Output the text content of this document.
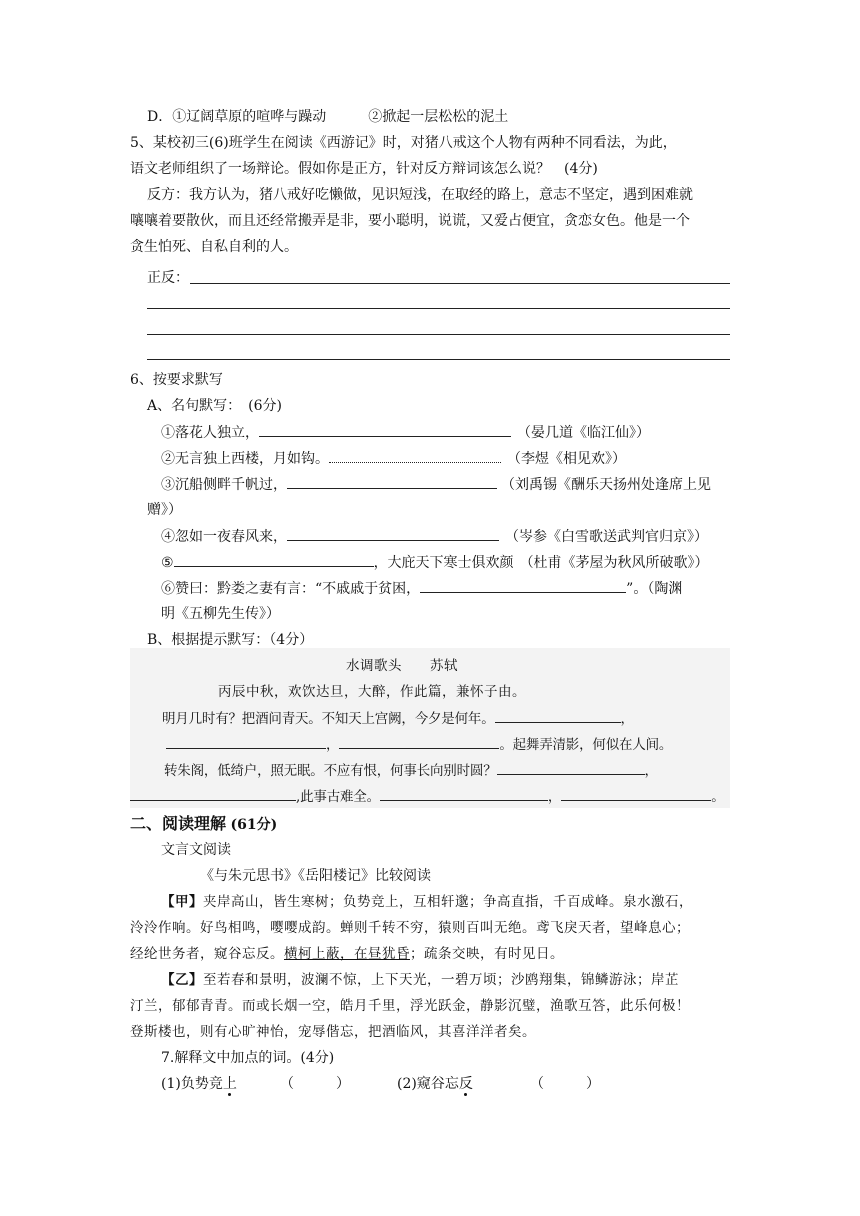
D．①辽阔草原的喧哗与躁动　　　②掀起一层松松的泥土
5、某校初三(6)班学生在阅读《西游记》时，对猪八戒这个人物有两种不同看法，为此，
语文老师组织了一场辩论。假如你是正方，针对反方辩词该怎么说？　(4分)
反方：我方认为，猪八戒好吃懒做，见识短浅，在取经的路上，意志不坚定，遇到困难就
嚷嚷着要散伙，而且还经常搬弄是非，要小聪明，说谎，又爱占便宜，贪恋女色。他是一个
贪生怕死、自私自利的人。
正反：
6、按要求默写
A、名句默写：　(6分)
①落花人独立，	（晏几道《临江仙》）
②无言独上西楼，月如钩。	（李煜《相见欢》）
③沉船侧畔千帆过，	（刘禹锡《酬乐天扬州处逢席上见
赠》）
④忽如一夜春风来，	（岑参《白雪歌送武判官归京》）
⑤	，大庇天下寒士俱欢颜 （杜甫《茅屋为秋风所破歌》）
⑥赞曰：黔娄之妻有言：“不戚戚于贫困，	”。（陶渊
明《五柳先生传》）
B、根据提示默写：（4分）
水调歌头　　苏轼
丙辰中秋，欢饮达旦，大醉，作此篇，兼怀子由。
明月几时有？把酒问青天。不知天上宫阙，今夕是何年。	，
，	。起舞弄清影，何似在人间。
转朱阁，低绮户，照无眠。不应有恨，何事长向别时圆？	，
,此事古难全。	，	。
二、阅读理解 (61分)
文言文阅读
《与朱元思书》《岳阳楼记》比较阅读
【甲】夹岸高山，皆生寒树；负势竞上，互相轩邈；争高直指，千百成峰。泉水激石，
泠泠作响。好鸟相鸣，嘤嘤成韵。蝉则千转不穷，猿则百叫无绝。鸢飞戾天者，望峰息心；
经纶世务者，窥谷忘反。横柯上蔽，在昼犹昏；疏条交映，有时见日。
【乙】至若春和景明，波澜不惊，上下天光，一碧万顷；沙鸥翔集，锦鳞游泳；岸芷
汀兰，郁郁青青。而或长烟一空，皓月千里，浮光跃金，静影沉璧，渔歌互答，此乐何极！
登斯楼也，则有心旷神怡，宠辱偕忘，把酒临风，其喜洋洋者矣。
7.解释文中加点的词。(4分)
(1)负势竞上	（　　　）	(2)窥谷忘反	（　　　）
